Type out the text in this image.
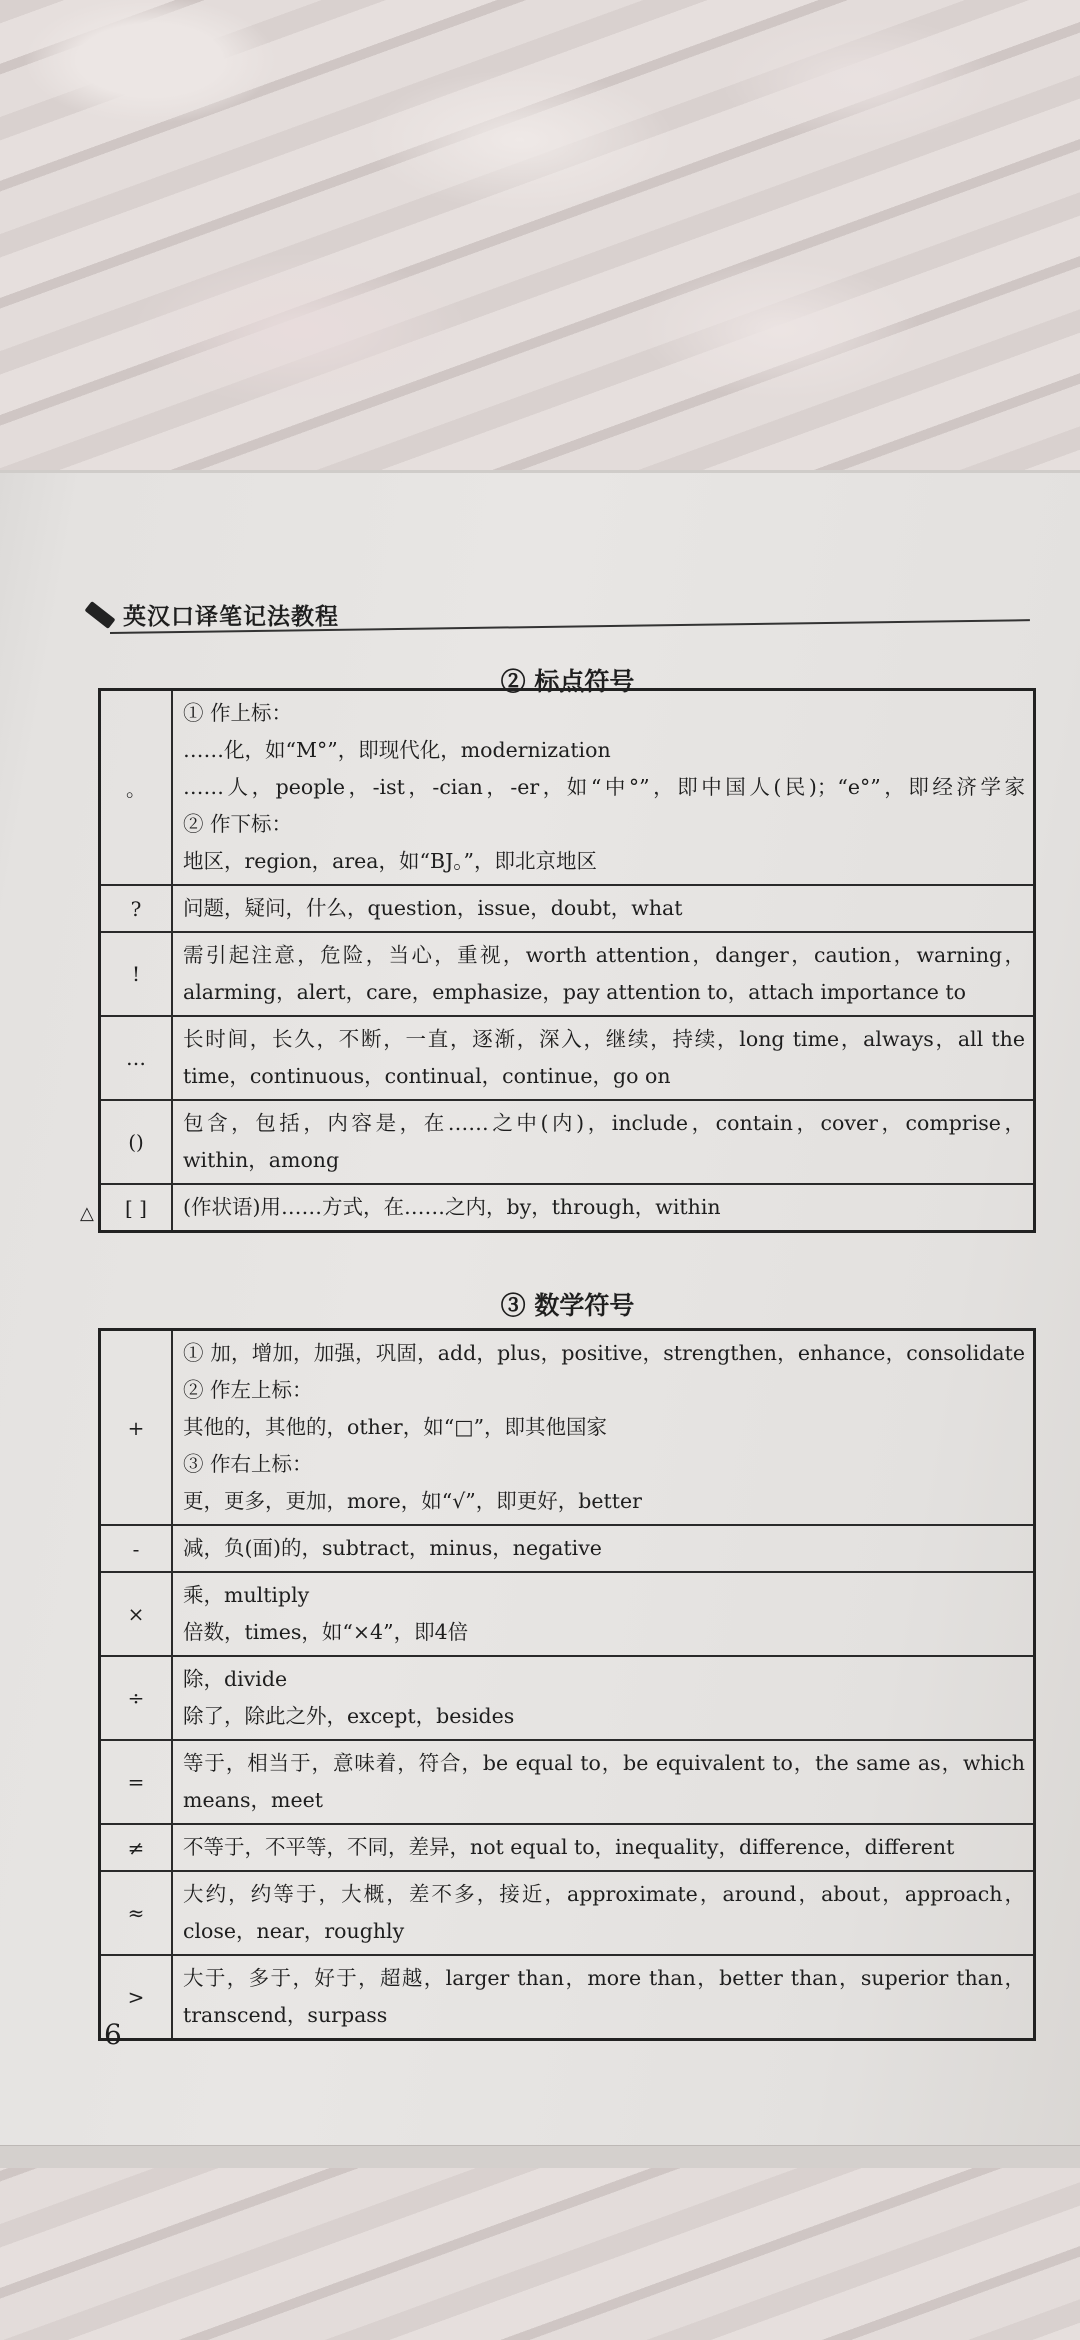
英汉口译笔记法教程
② 标点符号
。	① 作上标：
……化，如“M°”，即现代化，modernization
……人，people，-ist，-cian，-er，如“中°”，即中国人(民)；“e°”，即经济学家
② 作下标：
地区，region，area，如“BJ。”，即北京地区

?	问题，疑问，什么，question，issue，doubt，what

!	需引起注意，危险，当心，重视，worth attention，danger，caution，warning，
alarming，alert，care，emphasize，pay attention to，attach importance to

…	长时间，长久，不断，一直，逐渐，深入，继续，持续，long time，always，all the
time，continuous，continual，continue，go on

()	包含，包括，内容是，在……之中(内)，include，contain，cover，comprise，
within，among

[ ]	(作状语)用……方式，在……之内，by，through，within
△
③ 数学符号
+	① 加，增加，加强，巩固，add，plus，positive，strengthen，enhance，consolidate
② 作左上标：
其他的，其他的，other，如“□”，即其他国家
③ 作右上标：
更，更多，更加，more，如“√”，即更好，better

-	减，负(面)的，subtract，minus，negative

×	乘，multiply
倍数，times，如“×4”，即4倍

÷	除，divide
除了，除此之外，except，besides

=	等于，相当于，意味着，符合，be equal to，be equivalent to，the same as，which
means，meet

≠	不等于，不平等，不同，差异，not equal to，inequality，difference，different

≈	大约，约等于，大概，差不多，接近，approximate，around，about，approach，
close，near，roughly

>	大于，多于，好于，超越，larger than，more than，better than，superior than，
transcend，surpass
6
